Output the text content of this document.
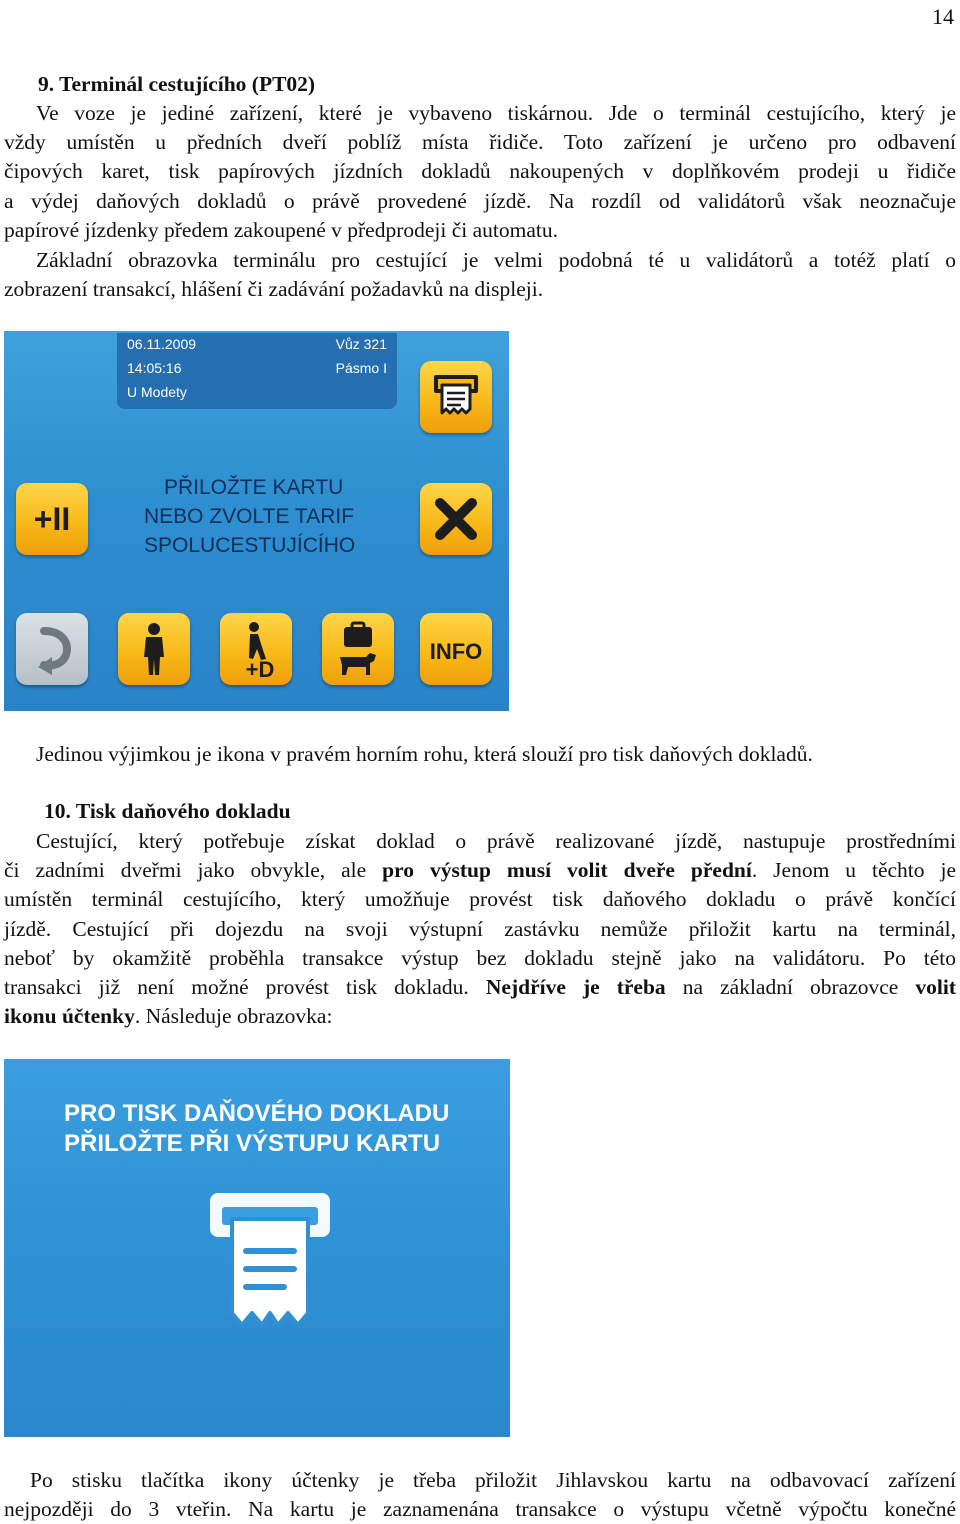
14
9. Terminál cestujícího (PT02)
Ve voze je jediné zařízení, které je vybaveno tiskárnou. Jde o terminál cestujícího, který je
vždy umístěn u předních dveří poblíž místa řidiče. Toto zařízení je určeno pro odbavení
čipových karet, tisk papírových jízdních dokladů nakoupených v doplňkovém prodeji u řidiče
a výdej daňových dokladů o právě provedené jízdě. Na rozdíl od validátorů však neoznačuje
papírové jízdenky předem zakoupené v předprodeji či automatu.
Základní obrazovka terminálu pro cestující je velmi podobná té u validátorů a totéž platí o
zobrazení transakcí, hlášení či zadávání požadavků na displeji.
06.11.2009
14:05:16
U Modety
Vůz 321
Pásmo I
PŘILOŽTE KARTU
NEBO ZVOLTE TARIF
SPOLUCESTUJÍCÍHO
+II
+D
INFO
Jedinou výjimkou je ikona v pravém horním rohu, která slouží pro tisk daňových dokladů.
10. Tisk daňového dokladu
Cestující, který potřebuje získat doklad o právě realizované jízdě, nastupuje prostředními
či zadními dveřmi jako obvykle, ale pro výstup musí volit dveře přední. Jenom u těchto je
umístěn terminál cestujícího, který umožňuje provést tisk daňového dokladu o právě končící
jízdě. Cestující při dojezdu na svoji výstupní zastávku nemůže přiložit kartu na terminál,
neboť by okamžitě proběhla transakce výstup bez dokladu stejně jako na validátoru. Po této
transakci již není možné provést tisk dokladu. Nejdříve je třeba na základní obrazovce volit
ikonu účtenky. Následuje obrazovka:
PRO TISK DAŇOVÉHO DOKLADU
PŘILOŽTE PŘI VÝSTUPU KARTU
Po stisku tlačítka ikony účtenky je třeba přiložit Jihlavskou kartu na odbavovací zařízení
nejpozději do 3 vteřin. Na kartu je zaznamenána transakce o výstupu včetně výpočtu konečné
